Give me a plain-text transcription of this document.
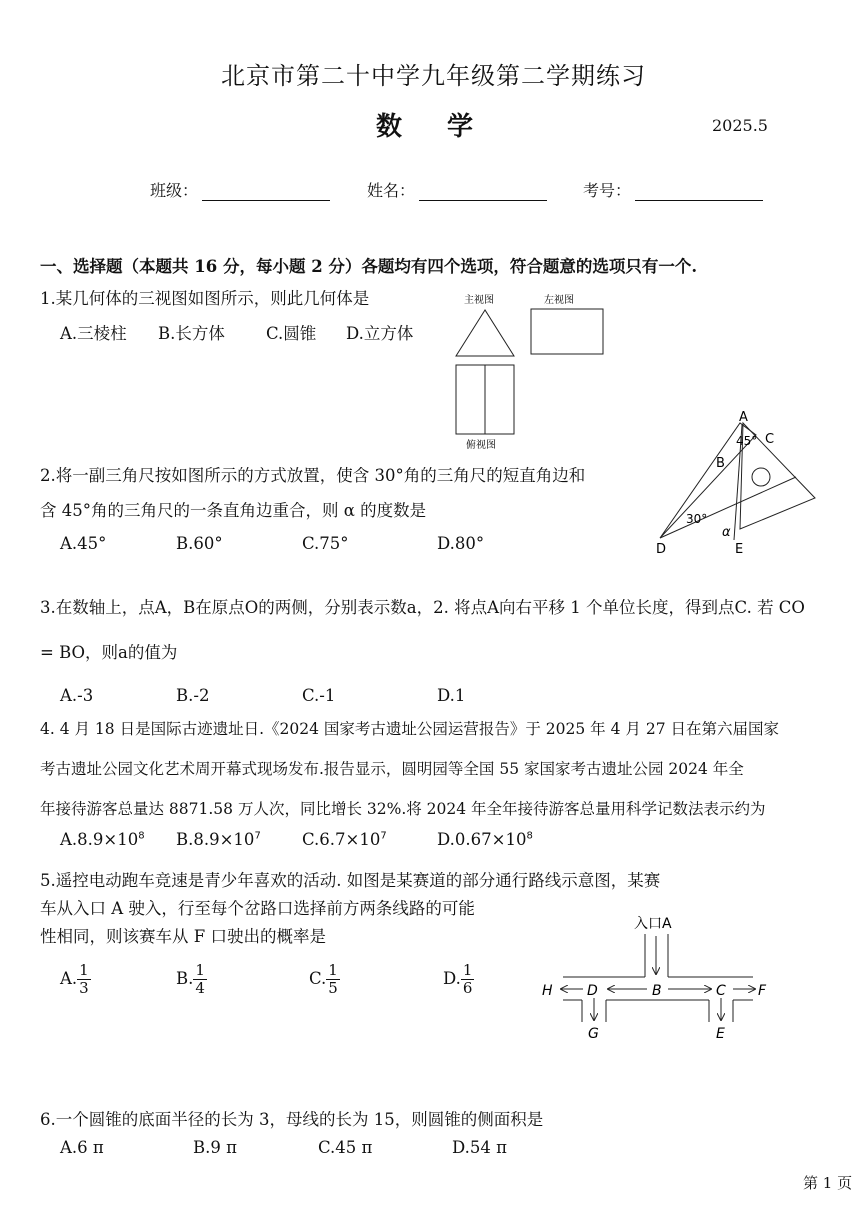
北京市第二十中学九年级第二学期练习
数 学	2025.5
班级：	姓名：	考号：
一、选择题（本题共 16 分，每小题 2 分）各题均有四个选项，符合题意的选项只有一个.
1.某几何体的三视图如图所示，则此几何体是
A.三棱柱 B.长方体 C.圆锥 D.立方体
主视图	左视图
俯视图
2.将一副三角尺按如图所示的方式放置，使含 30°角的三角尺的短直角边和
含 45°角的三角尺的一条直角边重合，则 α 的度数是
A.45°	B.60°	C.75°	D.80°
A
C
45°
B
30°
α
D	E
3.在数轴上，点A，B在原点O的两侧，分别表示数a，2. 将点A向右平移 1 个单位长度，得到点C. 若 CO
= BO，则a的值为
A.-3	B.-2	C.-1	D.1
4. 4 月 18 日是国际古迹遗址日.《2024 国家考古遗址公园运营报告》于 2025 年 4 月 27 日在第六届国家
考古遗址公园文化艺术周开幕式现场发布.报告显示，圆明园等全国 55 家国家考古遗址公园 2024 年全
年接待游客总量达 8871.58 万人次，同比增长 32%.将 2024 年全年接待游客总量用科学记数法表示约为
$A.8.9\times 10^8$ $B.8.9\times 10^7$ $C.6.7\times 10^7$	$D.0.67\times 10^8$
5.遥控电动跑车竞速是青少年喜欢的活动. 如图是某赛道的部分通行路线示意图，某赛
车从入口 A 驶入，行至每个岔路口选择前方两条线路的可能
性相同，则该赛车从 F 口驶出的概率是
A. $\frac{1}{3}$	B. $\frac{1}{4}$	C. $\frac{1}{5}$	D. $\frac{1}{6}$
入口A
H D	B	C F
G	E
6.一个圆锥的底面半径的长为 3，母线的长为 15，则圆锥的侧面积是
A.6 π	B.9 π	C.45 π	D.54 π
第 1 页
